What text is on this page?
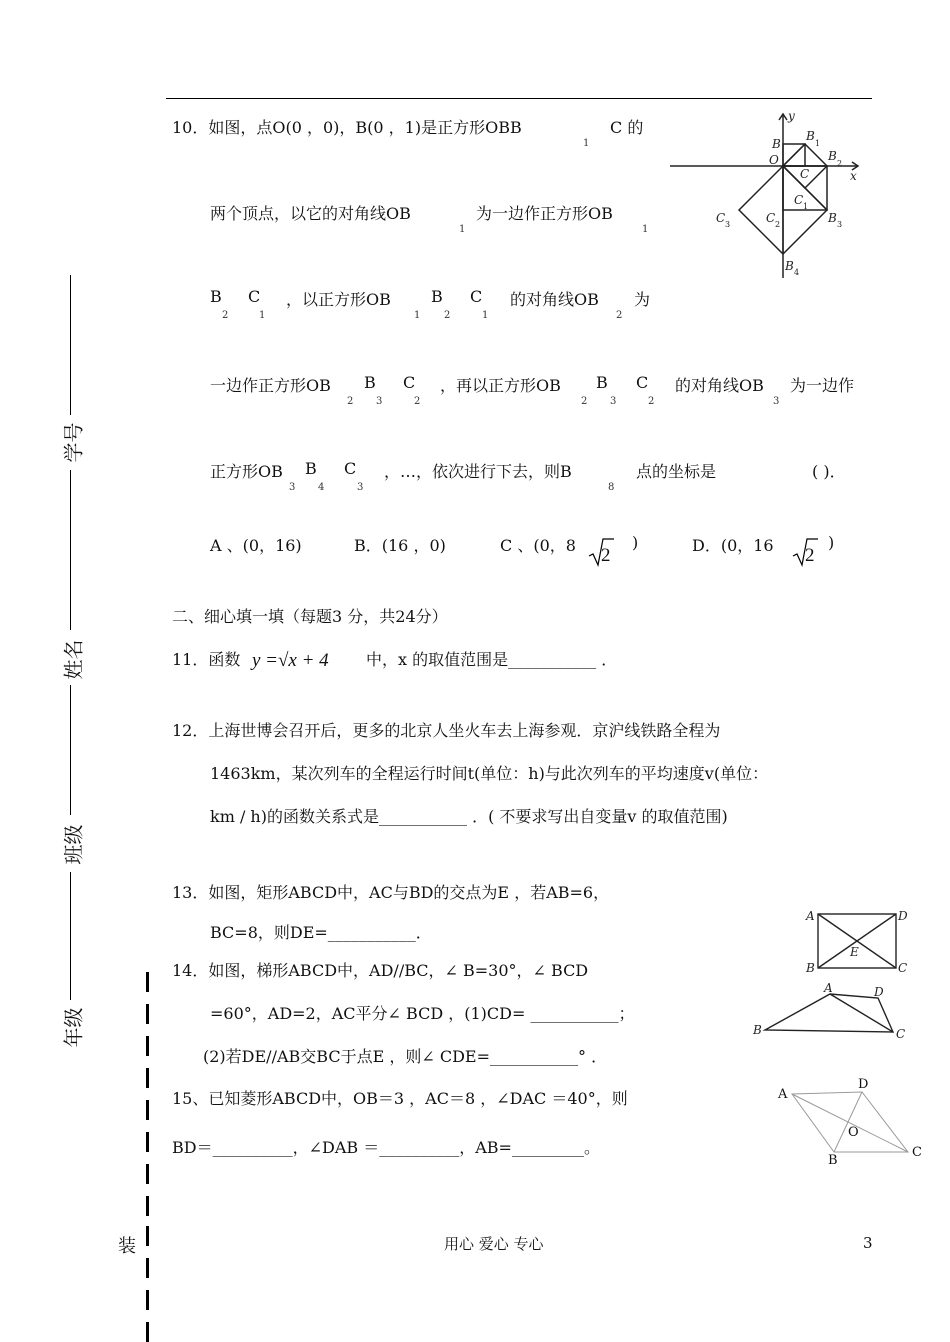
学号
姓名
班级
年级
装
10．如图，点O(0 ，0)，B(0 ，1)是正方形OBB
1
C 的
两个顶点，以它的对角线OB
1
为一边作正方形OB
1
B
2
C
1
，以正方形OB
1
B
2
C
1
的对角线OB
2
为
一边作正方形OB
2
B
3
C
2
，再以正方形OB
2
B
3
C
2
的对角线OB
3
为一边作
正方形OB
3
B
4
C
3
，…，依次进行下去，则B
8
点的坐标是	( )．
A 、(0，16)	B．(16 ，0)	C 、(0，8 2
)	D．(0，16 2
)
y
x
O
B
B
1
B
2
B 3
B 4
C
C 1
C 2
C 3
二、细心填一填（每题3 分，共24分）
11．函数 y =√x + 4 中，x 的取值范围是___________ ．
12．上海世博会召开后，更多的北京人坐火车去上海参观．京沪线铁路全程为
1463km，某次列车的全程运行时间t(单位：h)与此次列车的平均速度v(单位：
km / h)的函数关系式是___________ ．( 不要求写出自变量v 的取值范围)
13．如图，矩形ABCD中，AC与BD的交点为E ，若AB=6，
BC=8，则DE=___________．
A	D
B	C
E
14．如图，梯形ABCD中，AD//BC，∠ B=30°，∠ BCD
=60°，AD=2，AC平分∠ BCD ，(1)CD= ___________；
(2)若DE//AB交BC于点E ，则∠ CDE=___________° ．
B
A	D
C
15、已知菱形ABCD中，OB＝3 ，AC＝8 ，∠DAC ＝40°，则
BD＝__________，∠DAB ＝__________，AB=_________。
A
D
C
B
O
用心 爱心 专心	3
